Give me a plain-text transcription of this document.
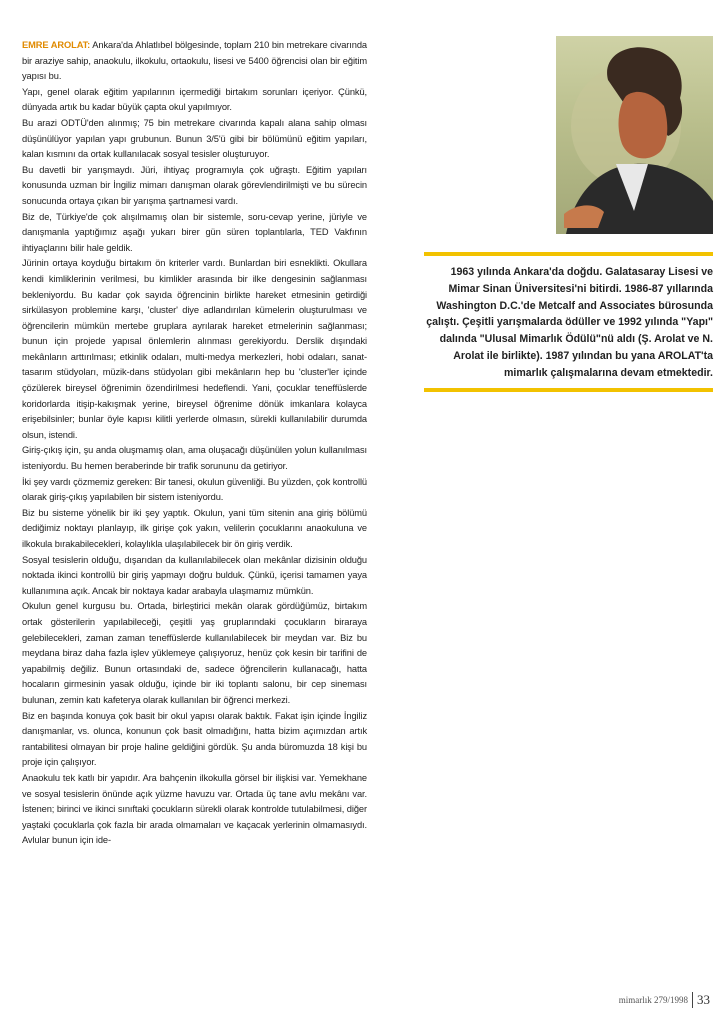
EMRE AROLAT: Ankara'da Ahlatlıbel bölgesinde, toplam 210 bin metrekare civarında bir araziye sahip, anaokulu, ilkokulu, ortaokulu, lisesi ve 5400 öğrencisi olan bir eğitim yapısı bu.

Yapı, genel olarak eğitim yapılarının içermediği birtakım sorunları içeriyor. Çünkü, dünyada artık bu kadar büyük çapta okul yapılmıyor.

Bu arazi ODTÜ'den alınmış; 75 bin metrekare civarında kapalı alana sahip olması düşünülüyor yapılan yapı grubunun. Bunun 3/5'ü gibi bir bölümünü eğitim yapıları, kalan kısmını da ortak kullanılacak sosyal tesisler oluşturuyor.

Bu davetli bir yarışmaydı. Jüri, ihtiyaç programıyla çok uğraştı. Eğitim yapıları konusunda uzman bir İngiliz mimarı danışman olarak görevlendirilmişti ve bu sürecin sonucunda ortaya çıkan bir yarışma şartnamesi vardı.

Biz de, Türkiye'de çok alışılmamış olan bir sistemle, soru-cevap yerine, jüriyle ve danışmanla yaptığımız aşağı yukarı birer gün süren toplantılarla, TED Vakfının ihtiyaçlarını bilir hale geldik.

Jürinin ortaya koyduğu birtakım ön kriterler vardı. Bunlardan biri esneklikti. Okullara kendi kimliklerinin verilmesi, bu kimlikler arasında bir ilke dengesinin sağlanması bekleniyordu. Bu kadar çok sayıda öğrencinin birlikte hareket etmesinin getirdiği sirkülasyon problemine karşı, 'cluster' diye adlandırılan kümelerin oluşturulması ve öğrencilerin mümkün mertebe gruplara ayrılarak hareket etmelerinin sağlanması; bunun için projede yapısal önlemlerin alınması gerekiyordu. Derslik dışındaki mekânların arttırılması; etkinlik odaları, multi-medya merkezleri, hobi odaları, sanat-tasarım stüdyoları, müzik-dans stüdyoları gibi mekânların hep bu 'cluster'ler içinde çözülerek bireysel öğrenimin özendirilmesi hedeflendi. Yani, çocuklar teneffüslerde koridorlarda itişip-kakışmak yerine, bireysel öğrenime dönük imkanlara kolayca erişebilsinler; bunlar öyle kapısı kilitli yerlerde olmasın, sürekli kullanılabilir durumda olsun, istendi.

Giriş-çıkış için, şu anda oluşmamış olan, ama oluşacağı düşünülen yolun kullanılması isteniyordu. Bu hemen beraberinde bir trafik sorununu da getiriyor.

İki şey vardı çözmemiz gereken: Bir tanesi, okulun güvenliği. Bu yüzden, çok kontrollü olarak giriş-çıkış yapılabilen bir sistem isteniyordu.

Biz bu sisteme yönelik bir iki şey yaptık. Okulun, yani tüm sitenin ana giriş bölümü dediğimiz noktayı planlayıp, ilk girişe çok yakın, velilerin çocuklarını anaokuluna ve ilkokula bırakabilecekleri, kolaylıkla ulaşılabilecek bir ön giriş verdik.

Sosyal tesislerin olduğu, dışarıdan da kullanılabilecek olan mekânlar dizisinin olduğu noktada ikinci kontrollü bir giriş yapmayı doğru bulduk. Çünkü, içerisi tamamen yaya kullanımına açık. Ancak bir noktaya kadar arabayla ulaşmamız mümkün.

Okulun genel kurgusu bu. Ortada, birleştirici mekân olarak gördüğümüz, birtakım ortak gösterilerin yapılabileceği, çeşitli yaş gruplarındaki çocukların biraraya gelebilecekleri, zaman zaman teneffüslerde kullanılabilecek bir meydan var. Biz bu meydana biraz daha fazla işlev yüklemeye çalışıyoruz, henüz çok kesin bir tarifini de yapabilmiş değiliz. Bunun ortasındaki de, sadece öğrencilerin kullanacağı, hatta hocaların girmesinin yasak olduğu, içinde bir iki toplantı salonu, bir cep sineması bulunan, zemin katı kafeterya olarak kullanılan bir öğrenci merkezi.

Biz en başında konuya çok basit bir okul yapısı olarak baktık. Fakat işin içinde İngiliz danışmanlar, vs. olunca, konunun çok basit olmadığını, hatta bizim açımızdan artık rantabilitesi olmayan bir proje haline geldiğini gördük. Şu anda büromuzda 18 kişi bu proje için çalışıyor.

Anaokulu tek katlı bir yapıdır. Ara bahçenin ilkokulla görsel bir ilişkisi var. Yemekhane ve sosyal tesislerin önünde açık yüzme havuzu var. Ortada üç tane avlu mekânı var. İstenen; birinci ve ikinci sınıftaki çocukların sürekli olarak kontrolde tutulabilmesi, diğer yaştaki çocuklarla çok fazla bir arada olmamaları ve kaçacak yerlerinin olmamasıydı. Avlular bunun için ide-

1963 yılında Ankara'da doğdu. Galatasaray Lisesi ve Mimar Sinan Üniversitesi'ni bitirdi. 1986-87 yıllarında Washington D.C.'de Metcalf and Associates bürosunda çalıştı. Çeşitli yarışmalarda ödüller ve 1992 yılında "Yapı" dalında "Ulusal Mimarlık Ödülü"nü aldı (Ş. Arolat ve N. Arolat ile birlikte). 1987 yılından bu yana AROLAT'ta mimarlık çalışmalarına devam etmektedir.

mimarlık 279/1998 33
